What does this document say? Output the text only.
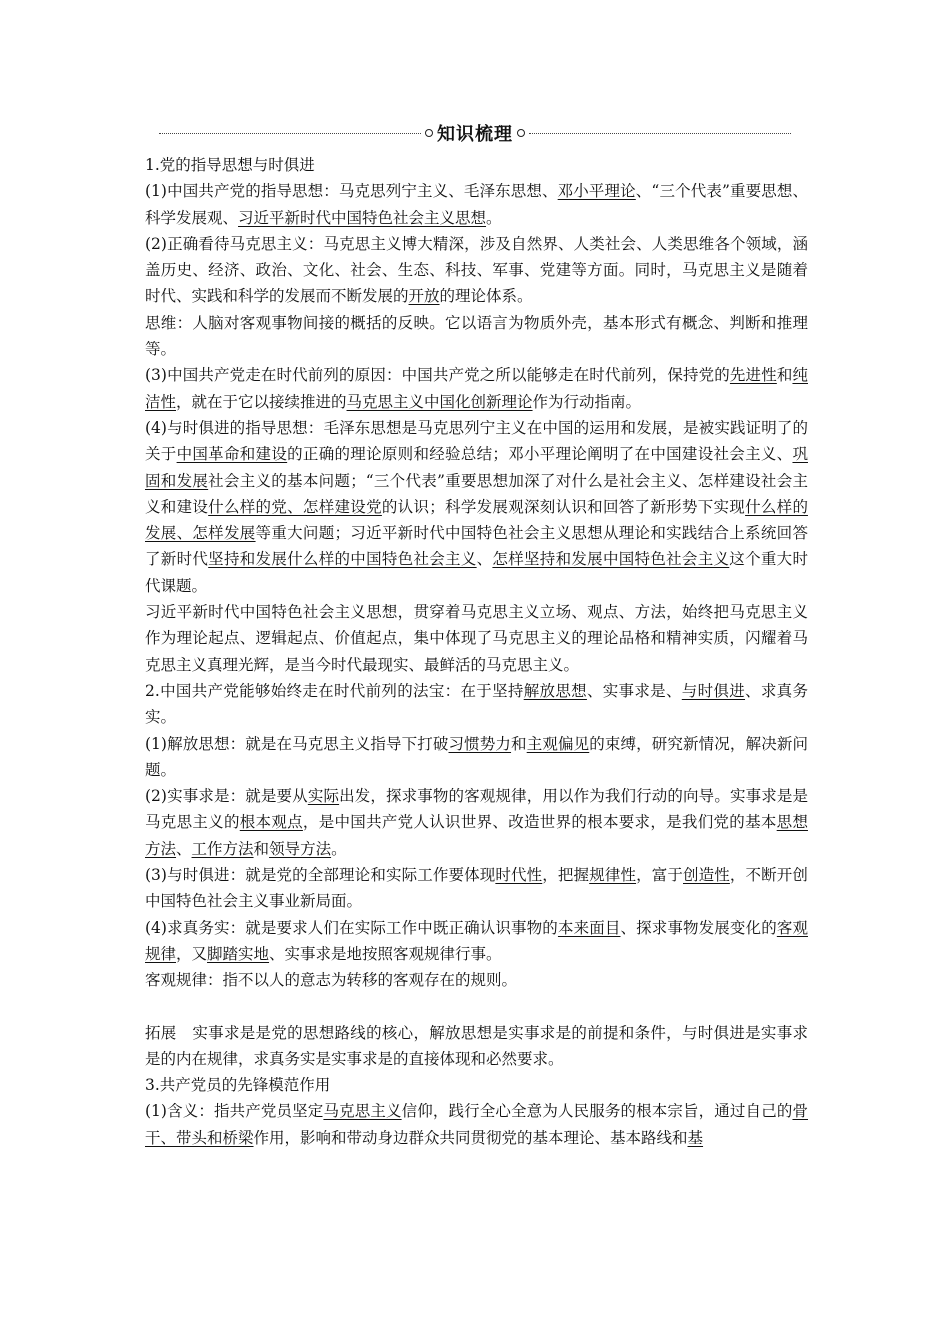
知识梳理

1.党的指导思想与时俱进

(1)中国共产党的指导思想：马克思列宁主义、毛泽东思想、邓小平理论、“三个代表”重要思想、科学发展观、习近平新时代中国特色社会主义思想。

(2)正确看待马克思主义：马克思主义博大精深，涉及自然界、人类社会、人类思维各个领域，涵盖历史、经济、政治、文化、社会、生态、科技、军事、党建等方面。同时，马克思主义是随着时代、实践和科学的发展而不断发展的开放的理论体系。

思维：人脑对客观事物间接的概括的反映。它以语言为物质外壳，基本形式有概念、判断和推理等。

(3)中国共产党走在时代前列的原因：中国共产党之所以能够走在时代前列，保持党的先进性和纯洁性，就在于它以接续推进的马克思主义中国化创新理论作为行动指南。

(4)与时俱进的指导思想：毛泽东思想是马克思列宁主义在中国的运用和发展，是被实践证明了的关于中国革命和建设的正确的理论原则和经验总结；邓小平理论阐明了在中国建设社会主义、巩固和发展社会主义的基本问题；“三个代表”重要思想加深了对什么是社会主义、怎样建设社会主义和建设什么样的党、怎样建设党的认识；科学发展观深刻认识和回答了新形势下实现什么样的发展、怎样发展等重大问题；习近平新时代中国特色社会主义思想从理论和实践结合上系统回答了新时代坚持和发展什么样的中国特色社会主义、怎样坚持和发展中国特色社会主义这个重大时代课题。

习近平新时代中国特色社会主义思想，贯穿着马克思主义立场、观点、方法，始终把马克思主义作为理论起点、逻辑起点、价值起点，集中体现了马克思主义的理论品格和精神实质，闪耀着马克思主义真理光辉，是当今时代最现实、最鲜活的马克思主义。

2.中国共产党能够始终走在时代前列的法宝：在于坚持解放思想、实事求是、与时俱进、求真务实。

(1)解放思想：就是在马克思主义指导下打破习惯势力和主观偏见的束缚，研究新情况，解决新问题。

(2)实事求是：就是要从实际出发，探求事物的客观规律，用以作为我们行动的向导。实事求是是马克思主义的根本观点，是中国共产党人认识世界、改造世界的根本要求，是我们党的基本思想方法、工作方法和领导方法。

(3)与时俱进：就是党的全部理论和实际工作要体现时代性，把握规律性，富于创造性，不断开创中国特色社会主义事业新局面。

(4)求真务实：就是要求人们在实际工作中既正确认识事物的本来面目、探求事物发展变化的客观规律，又脚踏实地、实事求是地按照客观规律行事。

客观规律：指不以人的意志为转移的客观存在的规则。

拓展　实事求是是党的思想路线的核心，解放思想是实事求是的前提和条件，与时俱进是实事求是的内在规律，求真务实是实事求是的直接体现和必然要求。

3.共产党员的先锋模范作用

(1)含义：指共产党员坚定马克思主义信仰，践行全心全意为人民服务的根本宗旨，通过自己的骨干、带头和桥梁作用，影响和带动身边群众共同贯彻党的基本理论、基本路线和基
